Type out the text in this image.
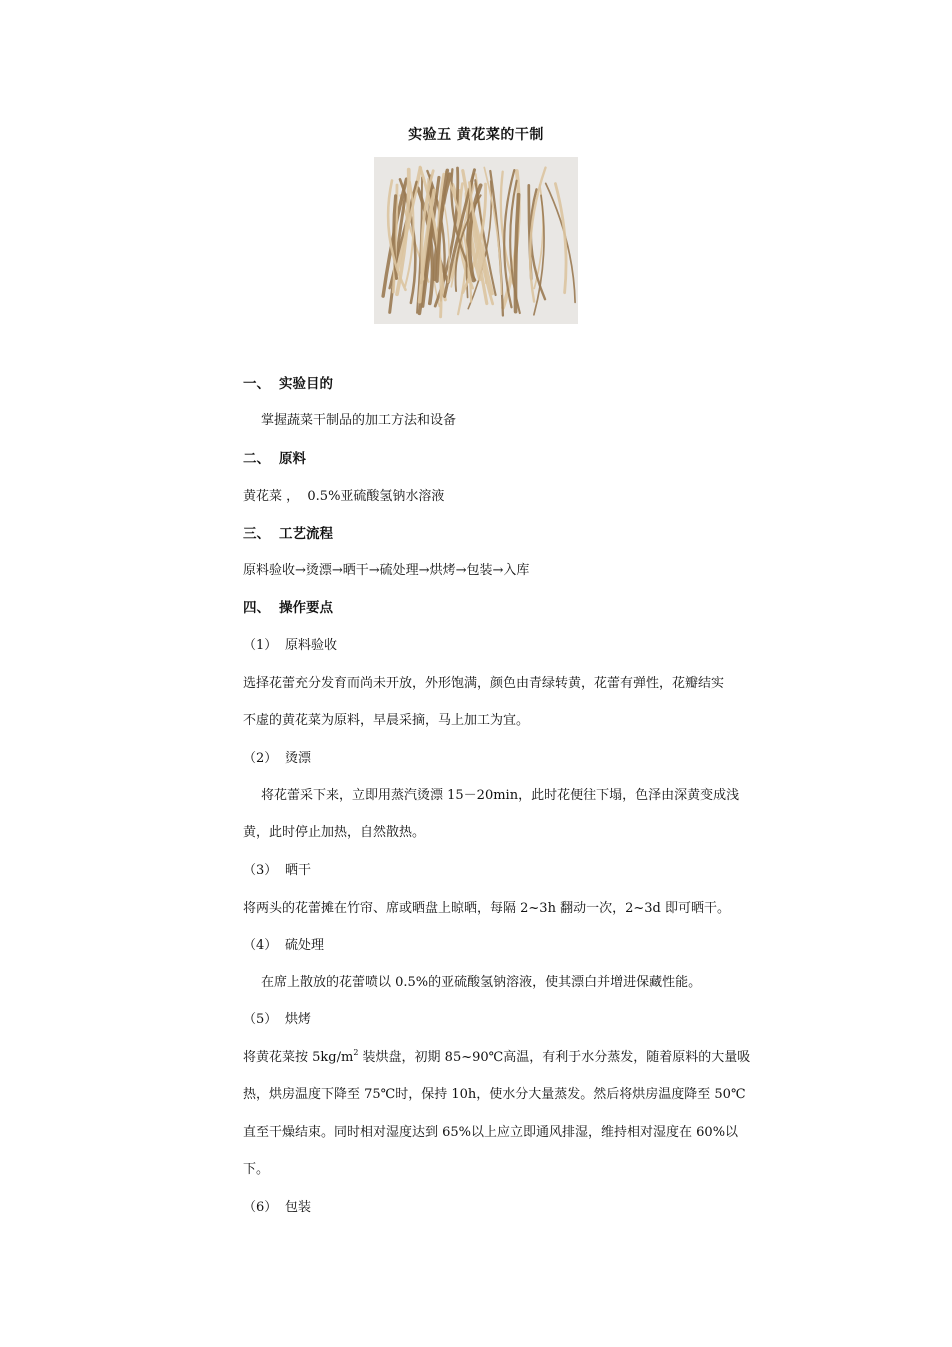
实验五 黄花菜的干制
一、 实验目的
掌握蔬菜干制品的加工方法和设备
二、 原料
黄花菜 ，  0.5%亚硫酸氢钠水溶液
三、 工艺流程
原料验收→烫漂→晒干→硫处理→烘烤→包装→入库
四、 操作要点
（1） 原料验收
选择花蕾充分发育而尚未开放，外形饱满，颜色由青绿转黄，花蕾有弹性，花瓣结实
不虚的黄花菜为原料，早晨采摘，马上加工为宜。
（2） 烫漂
将花蕾采下来，立即用蒸汽烫漂 15－20min，此时花便往下塌，色泽由深黄变成浅
黄，此时停止加热，自然散热。
（3） 晒干
将两头的花蕾摊在竹帘、席或晒盘上晾晒，每隔 2~3h 翻动一次，2~3d 即可晒干。
（4） 硫处理
在席上散放的花蕾喷以 0.5%的亚硫酸氢钠溶液，使其漂白并增进保藏性能。
（5） 烘烤
将黄花菜按 $5kg/m^2$ 装烘盘，初期 85~90℃高温，有利于水分蒸发，随着原料的大量吸
热，烘房温度下降至 75℃时，保持 10h，使水分大量蒸发。然后将烘房温度降至 50℃
直至干燥结束。同时相对湿度达到 65%以上应立即通风排湿，维持相对湿度在 60%以
下。
（6） 包装
